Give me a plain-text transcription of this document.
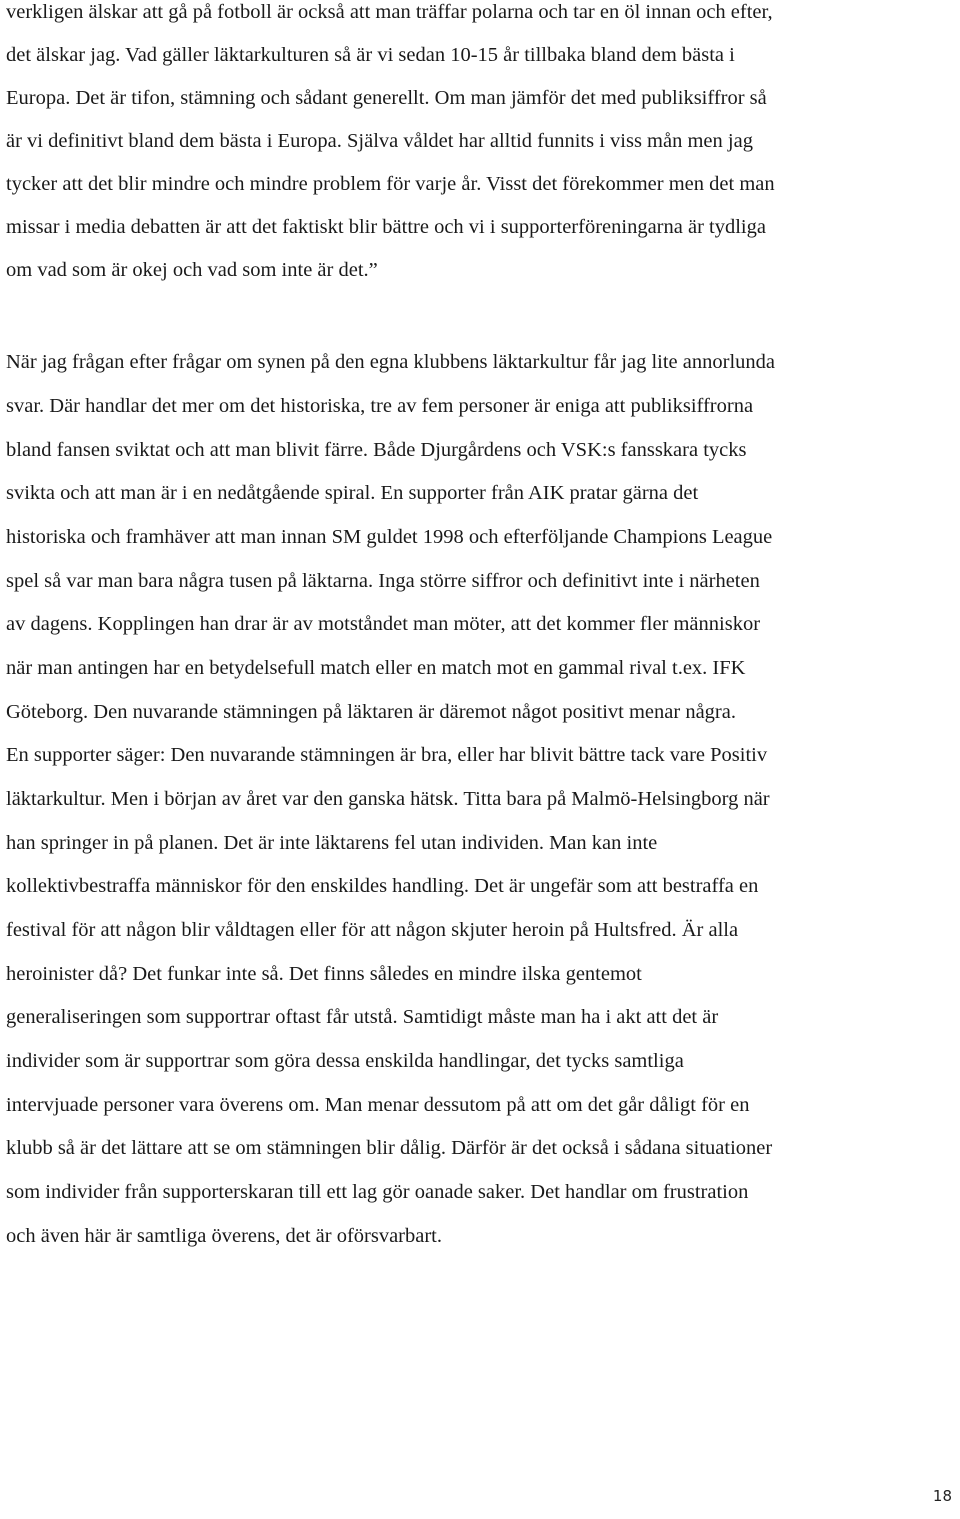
verkligen älskar att gå på fotboll är också att man träffar polarna och tar en öl innan och efter,
det älskar jag. Vad gäller läktarkulturen så är vi sedan 10-15 år tillbaka bland dem bästa i
Europa. Det är tifon, stämning och sådant generellt. Om man jämför det med publiksiffror så
är vi definitivt bland dem bästa i Europa. Själva våldet har alltid funnits i viss mån men jag
tycker att det blir mindre och mindre problem för varje år. Visst det förekommer men det man
missar i media debatten är att det faktiskt blir bättre och vi i supporterföreningarna är tydliga
om vad som är okej och vad som inte är det.”
När jag frågan efter frågar om synen på den egna klubbens läktarkultur får jag lite annorlunda
svar. Där handlar det mer om det historiska, tre av fem personer är eniga att publiksiffrorna
bland fansen sviktat och att man blivit färre. Både Djurgårdens och VSK:s fansskara tycks
svikta och att man är i en nedåtgående spiral. En supporter från AIK pratar gärna det
historiska och framhäver att man innan SM guldet 1998 och efterföljande Champions League
spel så var man bara några tusen på läktarna. Inga större siffror och definitivt inte i närheten
av dagens. Kopplingen han drar är av motståndet man möter, att det kommer fler människor
när man antingen har en betydelsefull match eller en match mot en gammal rival t.ex. IFK
Göteborg. Den nuvarande stämningen på läktaren är däremot något positivt menar några.
En supporter säger: Den nuvarande stämningen är bra, eller har blivit bättre tack vare Positiv
läktarkultur. Men i början av året var den ganska hätsk. Titta bara på Malmö-Helsingborg när
han springer in på planen. Det är inte läktarens fel utan individen. Man kan inte
kollektivbestraffa människor för den enskildes handling. Det är ungefär som att bestraffa en
festival för att någon blir våldtagen eller för att någon skjuter heroin på Hultsfred. Är alla
heroinister då? Det funkar inte så. Det finns således en mindre ilska gentemot
generaliseringen som supportrar oftast får utstå. Samtidigt måste man ha i akt att det är
individer som är supportrar som göra dessa enskilda handlingar, det tycks samtliga
intervjuade personer vara överens om. Man menar dessutom på att om det går dåligt för en
klubb så är det lättare att se om stämningen blir dålig. Därför är det också i sådana situationer
som individer från supporterskaran till ett lag gör oanade saker. Det handlar om frustration
och även här är samtliga överens, det är oförsvarbart.
18
